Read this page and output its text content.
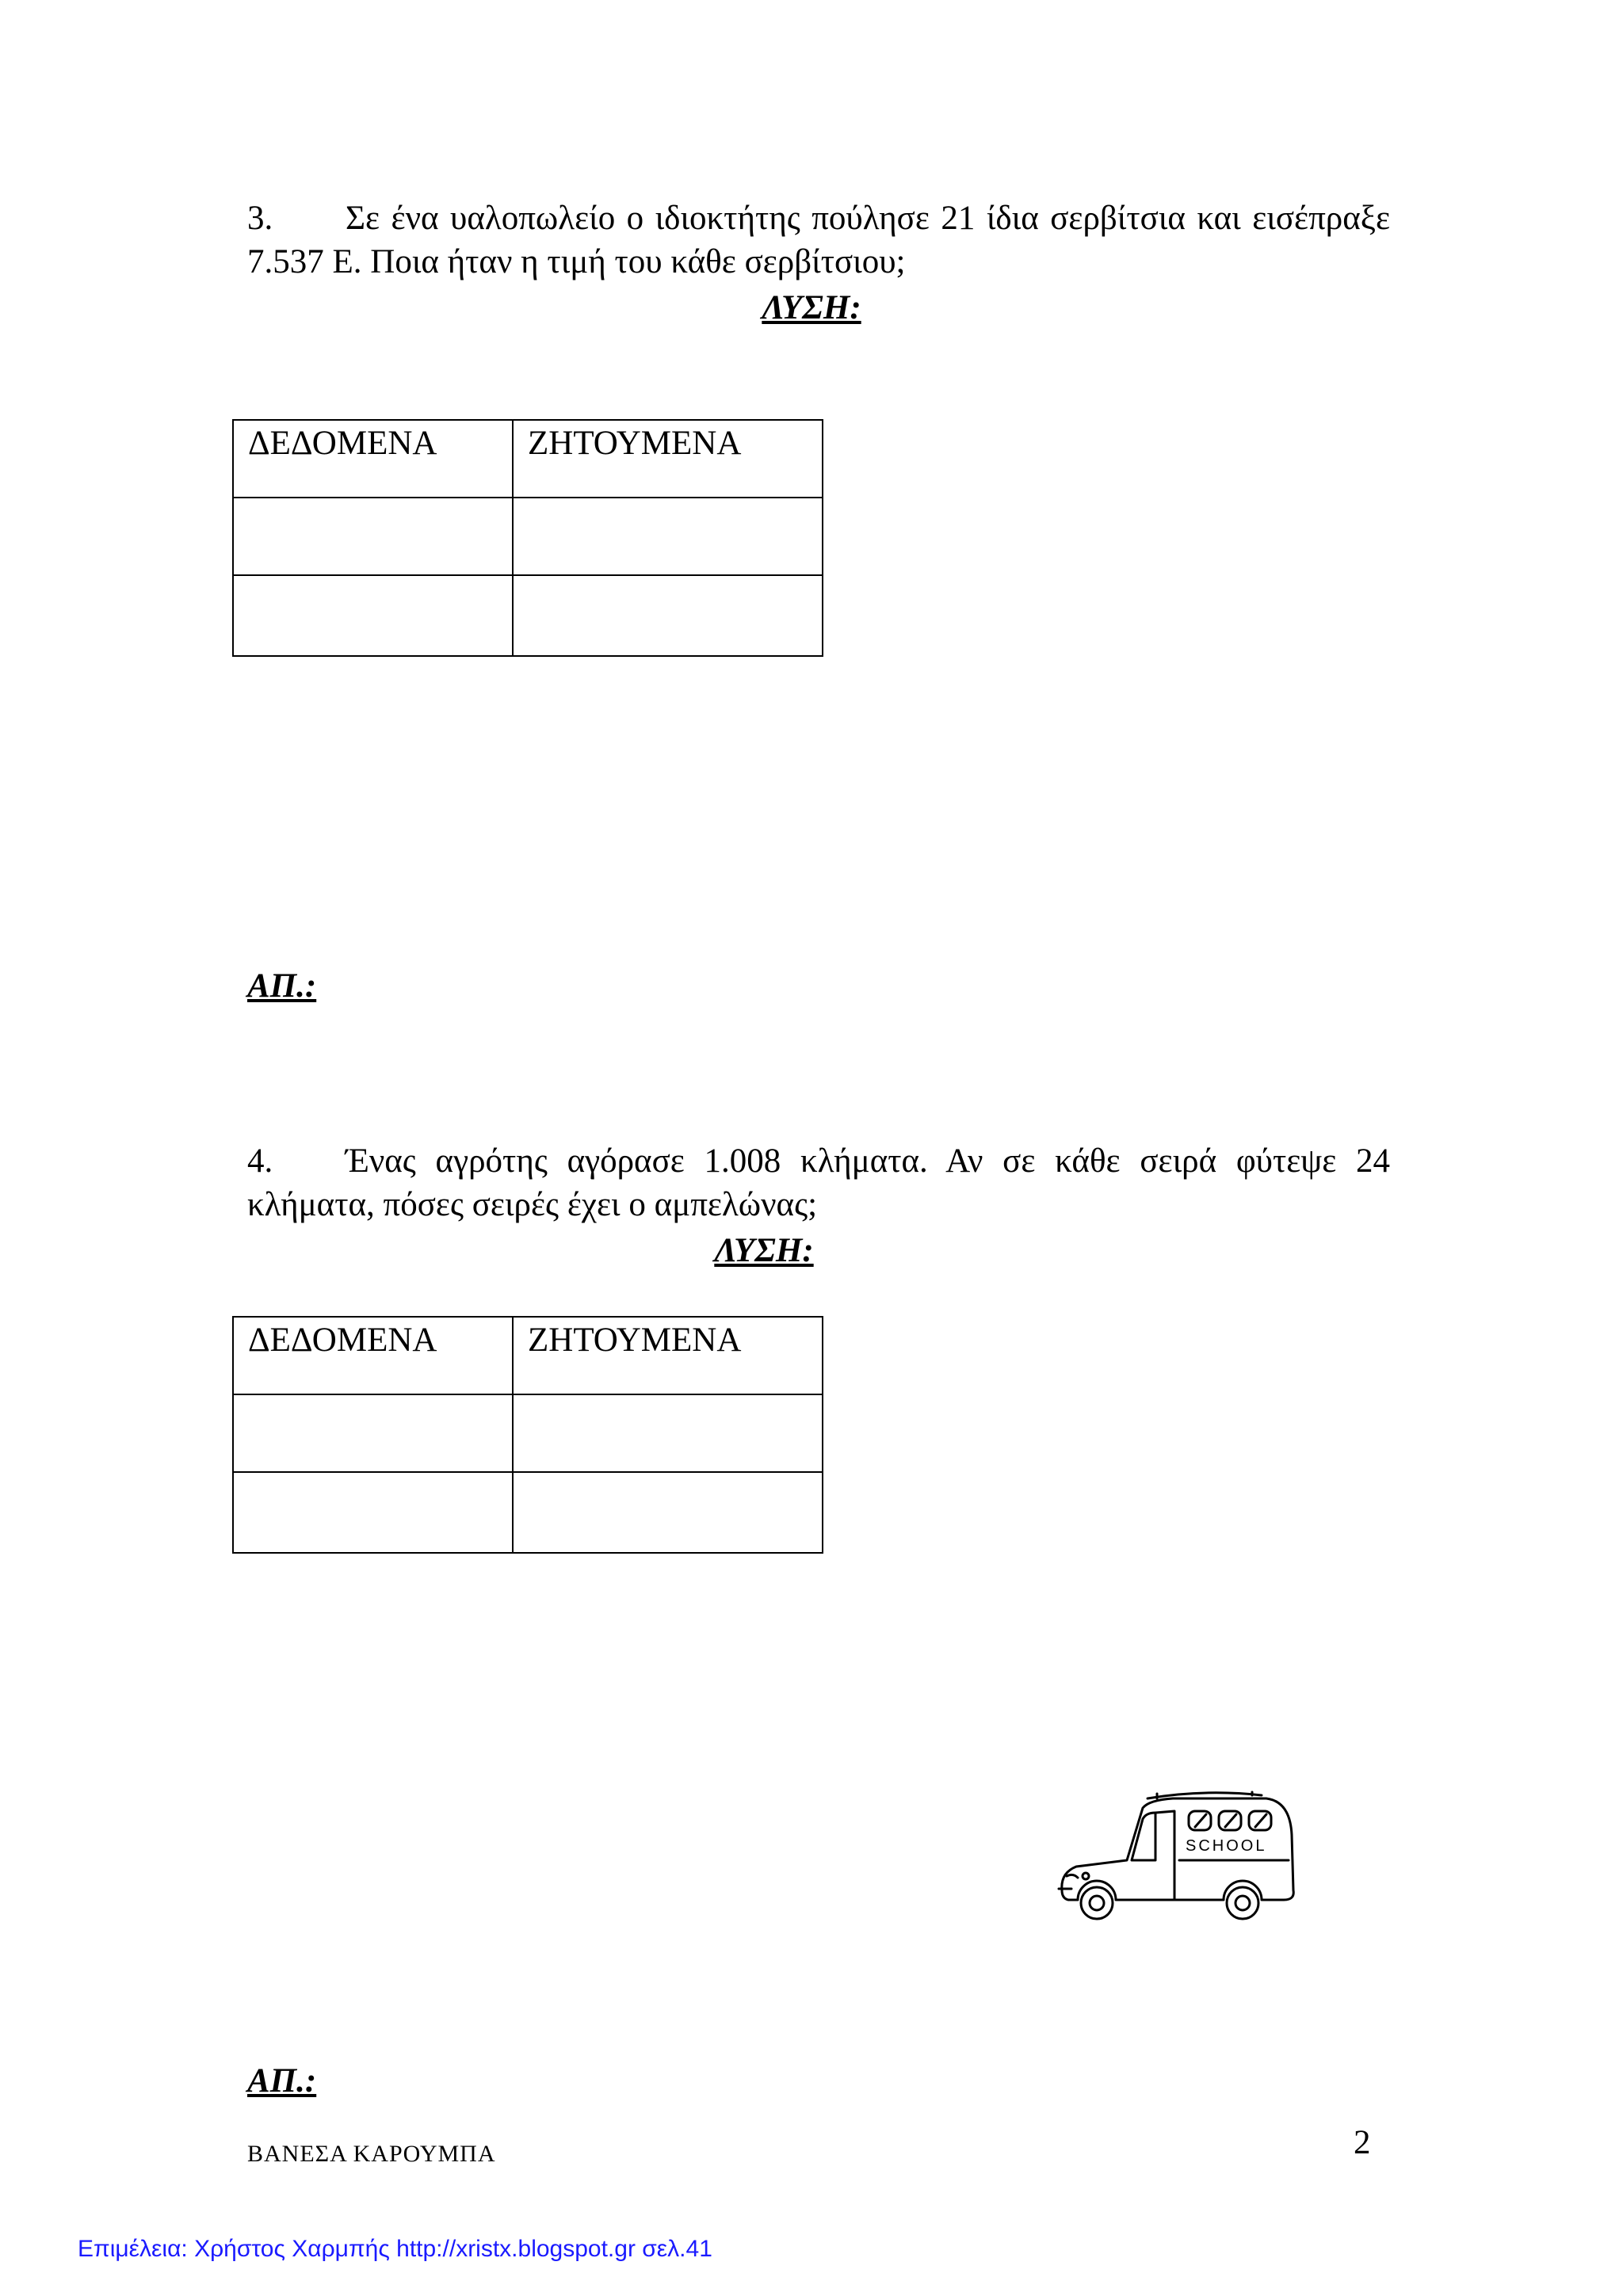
3. Σε ένα υαλοπωλείο ο ιδιοκτήτης πούλησε 21 ίδια σερβίτσια και εισέπραξε 7.537 Ε. Ποια ήταν η τιμή του κάθε σερβίτσιου;
ΛΥΣΗ:
ΔΕΔΟΜΕΝΑ	ΖΗΤΟΥΜΕΝΑ

ΑΠ.:
4. Ένας αγρότης αγόρασε 1.008 κλήματα. Αν σε κάθε σειρά φύτεψε 24 κλήματα, πόσες σειρές έχει ο αμπελώνας;
ΛΥΣΗ:
ΔΕΔΟΜΕΝΑ	ΖΗΤΟΥΜΕΝΑ

SCHOOL
ΑΠ.:
ΒΑΝΕΣΑ ΚΑΡΟΥΜΠΑ	2
Επιμέλεια: Χρήστος Χαρμπής http://xristx.blogspot.gr σελ.41
